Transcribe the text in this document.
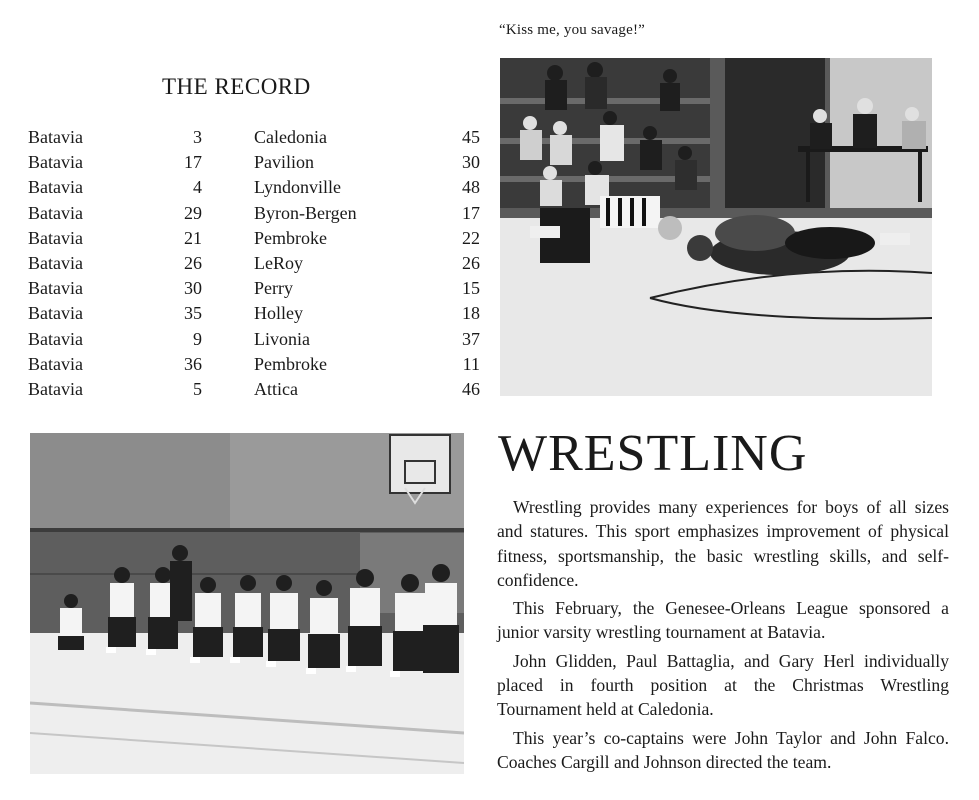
“Kiss me, you savage!”
THE RECORD
Batavia	3	Caledonia	45
Batavia	17	Pavilion	30
Batavia	4	Lyndonville	48
Batavia	29	Byron-Bergen	17
Batavia	21	Pembroke	22
Batavia	26	LeRoy	26
Batavia	30	Perry	15
Batavia	35	Holley	18
Batavia	9	Livonia	37
Batavia	36	Pembroke	11
Batavia	5	Attica	46
WRESTLING

Wrestling provides many experiences for boys of all sizes and statures. This sport emphasizes improvement of physical fitness, sportsmanship, the basic wrestling skills, and self-confidence.

This February, the Genesee-Orleans League sponsored a junior varsity wrestling tournament at Batavia.

John Glidden, Paul Battaglia, and Gary Herl individually placed in fourth position at the Christmas Wrestling Tournament held at Caledonia.

This year’s co-captains were John Taylor and John Falco. Coaches Cargill and Johnson directed the team.
